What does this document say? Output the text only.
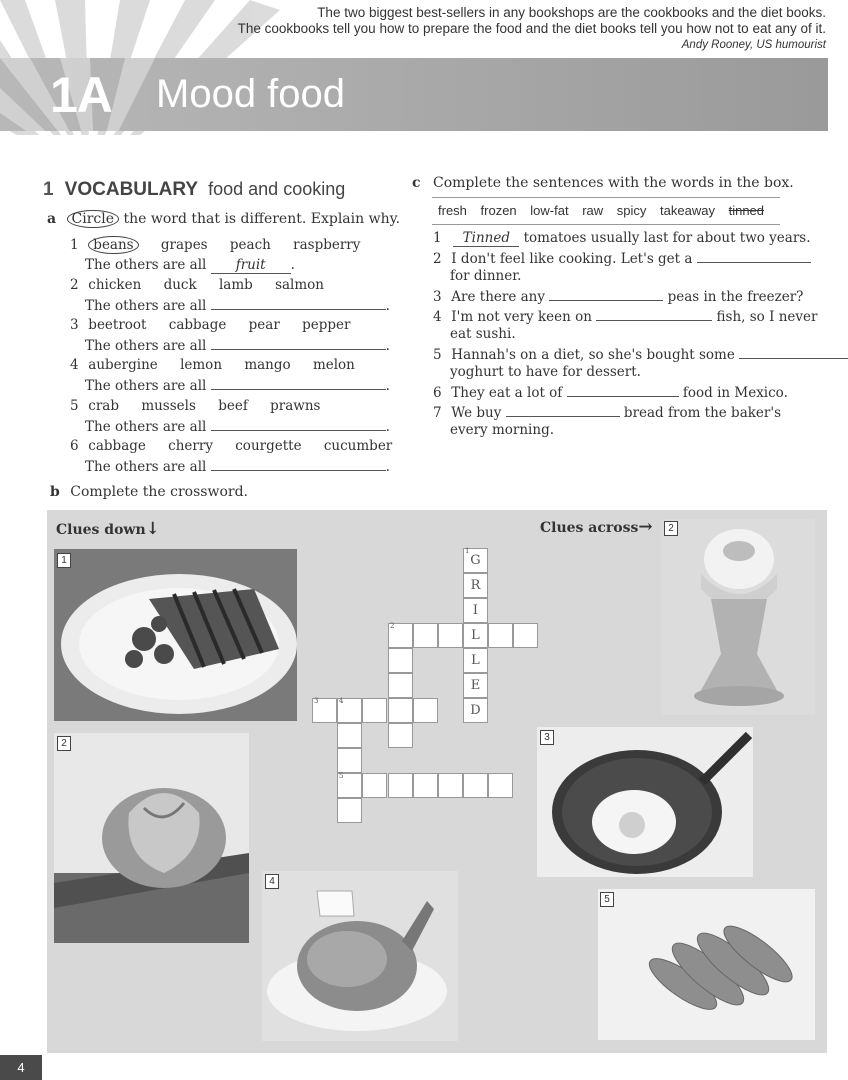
The two biggest best-sellers in any bookshops are the cookbooks and the diet books.
The cookbooks tell you how to prepare the food and the diet books tell you how not to eat any of it.
Andy Rooney, US humourist
1A Mood food
1 VOCABULARY food and cooking
a Circle the word that is different. Explain why.
1 beans grapes peach raspberry
The others are all fruit .
2 chicken duck lamb salmon
The others are all	.
3 beetroot cabbage pear pepper
The others are all	.
4 aubergine lemon mango melon
The others are all	.
5 crab mussels beef prawns
The others are all	.
6 cabbage cherry courgette cucumber
The others are all	.
b Complete the crossword.
c Complete the sentences with the words in the box.
fresh frozen low-fat raw spicy takeaway tinned
1 Tinned tomatoes usually last for about two years.
2 I don't feel like cooking. Let's get a
for dinner.
3 Are there any	peas in the freezer?
4 I'm not very keen on	fish, so I never
eat sushi.
5 Hannah's on a diet, so she's bought some
yoghurt to have for dessert.
6 They eat a lot of	food in Mexico.
7 We buy	bread from the baker's
every morning.
Clues down↓	Clues across→
1
2
2
3
4
5
1
G
R
I
L
L
E
D
2
3	4
5
4
